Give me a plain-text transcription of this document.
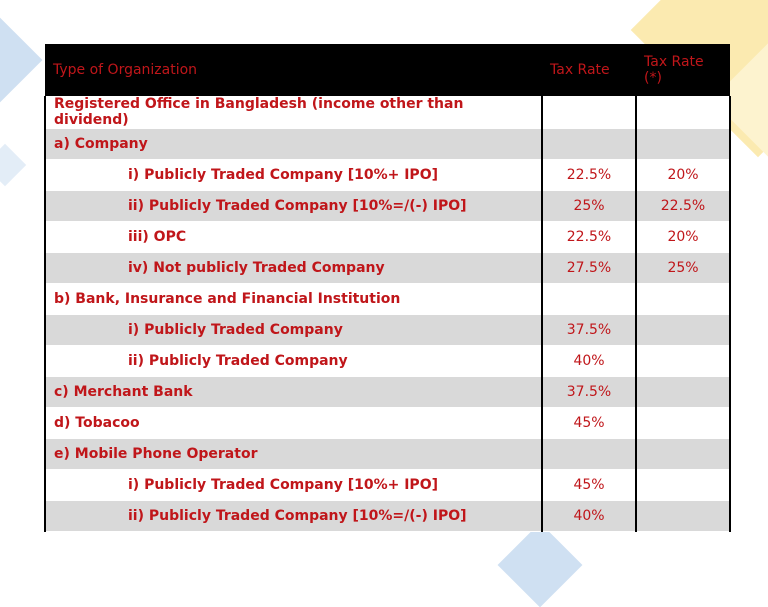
Type of Organization	Tax Rate	Tax Rate (*)
Registered Office in Bangladesh (income other than dividend)		
a) Company		
i) Publicly Traded Company [10%+ IPO]	22.5%	20%
ii) Publicly Traded Company [10%=/(-) IPO]	25%	22.5%
iii) OPC	22.5%	20%
iv) Not publicly Traded Company	27.5%	25%
b) Bank, Insurance and Financial Institution		
i) Publicly Traded Company	37.5%	
ii) Publicly Traded Company	40%	
c) Merchant Bank	37.5%	
d) Tobacoo	45%	
e) Mobile Phone Operator		
i) Publicly Traded Company [10%+ IPO]	45%	
ii) Publicly Traded Company [10%=/(-) IPO]	40%	
